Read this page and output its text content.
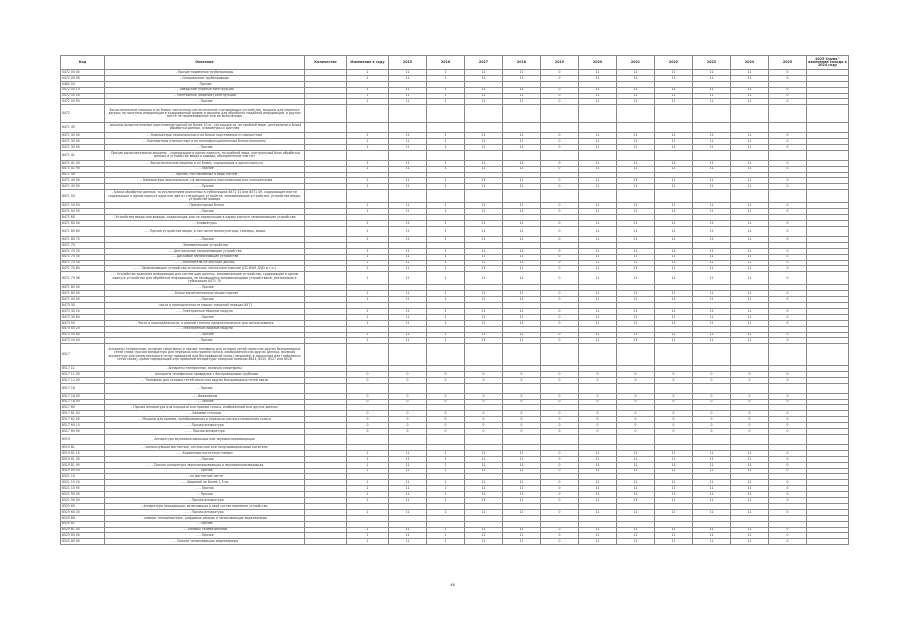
Код	Описание	Количество	Изменение к году	2015	2016	2017	2018	2019	2020	2021	2022	2023	2024	2025	2025 Хурма - изменение сальдо к 2024 году
0472 00 00	- Прочие подвесные трубопроводы		1	11	1	11	11	0	11	11	11	11	11	0	
0472 00 00	- Специальные трубопроводы		1	11	1	11	11	0	11	11	11	11	11	0	
0482 00	- Прочее														
0472 00 10	- - Заводские трубные конструкции		1	11	1	11	11	0	11	11	11	11	11	0	
0472 00 20	- - Монтажные (сборные) конструкции		1	11	1	11	11	0	11	11	11	11	11	0	
0472 00 90	- - Прочие		1	11	1	11	11	0	11	11	11	11	11	0	
8472	Вычислительные машины и их блоки; магнитные или оптические считывающие устройства, машины для переноса данных на носители информации в кодированной форме и машины для обработки подобной информации, в другом месте не поименованные или не включенные														
8471 30	- машины вычислительные портативные массой не более 10 кг, состоящие из, по крайней мере, центрального блока обработки данных, клавиатуры и дисплея														
8471 30 00	- - Компьютеры персональные и их блоки портативные и планшетные		1	11	1	11	11	0	11	11	11	11	11	0	
8471 30 00	- - Компьютеры планшетные и их полнофункциональные блоки-планшеты		1	11	1	11	11	0	11	11	11	11	11	0	
8471 30 00	- - Прочие		1	11	1	11	11	0	11	11	11	11	11	0	
8471 41	- Прочие вычислительные машины: - содержащие в одном корпусе, по крайней мере, центральный блок обработки данных и устройство ввода и вывода, объединенные или нет														
8471 41 00	- - Вычислительные машины и их блоки, содержащие в одном корпусе		1	11	1	11	11	0	11	11	11	11	11	0	
8471 41 90	- - - Прочие		1	11	1	11	11	0	11	11	11	11	11	0	
8471 49	- - прочие, поставляемые в виде систем														
8471 49 00	- - - Компьютеры персональные, не являющиеся портативными или планшетными		1	11	1	11	11	0	11	11	11	11	11	0	
8471 49 90	- - - Прочие		1	11	1	11	11	0	11	11	11	11	11	0	
8471 50	- Блоки обработки данных, за исключением описанных в субпозициях 8471 41 или 8471 49, содержащие или не содержащие в одном корпусе одно или два из следующих устройств: запоминающие устройства, устройства ввода, устройства вывода														
8471 50 00	- - Процессорные блоки		1	11	1	11	11	0	11	11	11	11	11	0	
8471 50 90	- - - Прочие		1	11	1	11	11	0	11	11	11	11	11	0	
8471 60	- Устройства ввода или вывода, содержащие или не содержащие в одном корпусе запоминающие устройства														
8471 60 00	- - Клавиатуры		1	11	1	11	11	0	11	11	11	11	11	0	
8471 60 60	- - - Прочие устройства ввода, в том числе манипуляторы, сканеры, мыши		1	11	1	11	11	0	11	11	11	11	11	0	
8471 60 70	- - - Прочие		1	11	1	11	11	0	11	11	11	11	11	0	
8471 70	- Запоминающие устройства														
8471 70 20	- - - Центральные запоминающие устройства		1	11	1	11	11	0	11	11	11	11	11	0	
8471 70 30	- - - Дисковые запоминающие устройства		1	11	1	11	11	0	11	11	11	11	11	0	
8471 70 50	- - - - Накопители на жестких дисках		1	11	1	11	11	0	11	11	11	11	11	0	
8471 70 80	- - - - Запоминающие устройства оптические, магнитооптические (CD-ROM, DVD и т.п.)		1	11	1	11	11	0	11	11	11	11	11	0	
8471 70 98	- - - Устройства хранения информации для систем шин данных, запоминающие устройства, содержащие в одном корпусе устройства для обработки информации, не являющиеся запоминающими устройствами, указанными в субпозиции 8471 70		1	11	1	11	11	0	11	11	11	11	11	0	
8471 80 00	- - - Прочие														
8471 80 00	- - Блоки вычислительных машин прочие		1	11	1	11	11	0	11	11	11	11	11	0	
8471 90 00	- - - Прочие		1	11	1	11	11	0	11	11	11	11	11	0	
8473 30	- части и принадлежности машин товарной позиции 8471														
8473 30 20	- - - Электронные сборные модули		1	11	1	11	11	0	11	11	11	11	11	0	
8473 30 80	- - - Прочие		1	11	1	11	11	0	11	11	11	11	11	0	
8473 50	- Части и принадлежности, в равной степени предназначенные для использования		1	11	1	11	11	0	11	11	11	11	11	0	
8473 50 20	- - - Электронные сборные модули														
8473 50 80	- - - Прочие		1	11	1	11	11	0	11	11	11	11	11	0	
8473 50 90	- - Прочие		1	11	1	11	11	0	11	11	11	11	11	0	
8517	Аппараты телефонные, включая смартфоны и прочие телефоны для сотовых сетей связи или других беспроводных сетей связи; прочая аппаратура для передачи или приема голоса, изображений или других данных, включая аппаратуру для коммуникации в сетях проводной или беспроводной связи (например, в локальных или глобальных сетях связи), кроме передающей или приемной аппаратуры товарной позиции 8443, 8525, 8527 или 8528														
8517 11	- Аппараты телефонные, включая смартфоны:														
8517 11 00	- - Аппараты телефонные проводные с беспроводными трубками		0	0	0	0	0	0	0	0	0	0	0	0	
8517 12 00	- - Телефоны для сотовых сетей связи или других беспроводных сетей связи		0	0	0	0	0	0	0	0	0	0	0	0	
8517 18	- - Прочие														
8517 18 00	- - - Видеофоны		0	0	0	0	0	0	0	0	0	0	0	0	
8517 18 00	- - - Прочие		0	0	0	0	0	0	0	0	0	0	0	0	
8517 60	- Прочая аппаратура для передачи или приема голоса, изображений или других данных														
8517 61 00	- - Базовые станции		0	0	0	0	0	0	0	0	0	0	0	0	
8517 62 00	- - Машины для приема, преобразования и передачи или восстановления голоса		0	0	0	0	0	0	0	0	0	0	0	0	
8517 69 10	- - - Прочая аппаратура		0	0	0	0	0	0	0	0	0	0	0	0	
8517 69 90	- - - - Прочая аппаратура		0	0	0	0	0	0	0	0	0	0	0	0	
8519	Аппаратура звукозаписывающая или звуковоспроизводящая														
8519 81	- - использующая магнитные, оптические или полупроводниковые носители														
8519 81 15	- - - Карманные кассетные плееры		1	11	1	11	11	0	11	11	11	11	11	0	
8519 81 35	- - - Прочие		1	11	1	11	11	0	11	11	11	11	11	0	
8519 81 95	- - - - Прочая аппаратура звукозаписывающая и звуковоспроизводящая		1	11	1	11	11	0	11	11	11	11	11	0	
8519 89 00	- - Прочая		1	11	1	11	11	0	11	11	11	11	11	0	
8521 10	- - на магнитной ленте														
8521 10 20	- - - Шириной не более 1,3 см		1	11	1	11	11	0	11	11	11	11	11	0	
8521 10 95	- - - Прочая		1	11	1	11	11	0	11	11	11	11	11	0	
8521 90 00	- - Прочая		1	11	1	11	11	0	11	11	11	11	11	0	
8521 90 00	- - - Прочая аппаратура		1	11	1	11	11	0	11	11	11	11	11	0	
8525 60	- аппаратура передающая, включающая в свой состав приемное устройство														
8525 60 00	- - - Прочая аппаратура		1	11	1	11	11	0	11	11	11	11	11	0	
8525 80	- камеры телевизионные, цифровые камеры и записывающие видеокамеры														
8525 81	- - Прочие														
8525 81 00	- - - Камеры телевизионные		1	11	1	11	11	0	11	11	11	11	11	0	
8525 83 00	- - - Прочие		1	11	1	11	11	0	11	11	11	11	11	0	
8525 89 00	- - - Прочие записывающие видеокамеры		1	11	1	11	11	0	11	11	11	11	11	0	
48
